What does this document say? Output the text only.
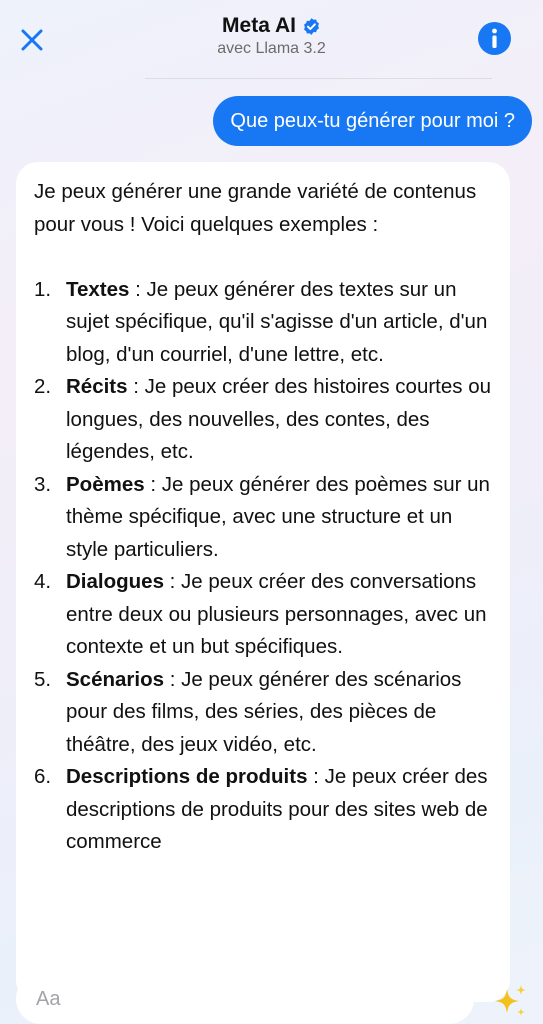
Meta AI
avec Llama 3.2
Que peux-tu générer pour moi ?

Je peux générer une grande variété de contenus pour vous ! Voici quelques exemples :

1. Textes : Je peux générer des textes sur un sujet spécifique, qu'il s'agisse d'un article, d'un blog, d'un courriel, d'une lettre, etc.
2. Récits : Je peux créer des histoires courtes ou longues, des nouvelles, des contes, des légendes, etc.
3. Poèmes : Je peux générer des poèmes sur un thème spécifique, avec une structure et un style particuliers.
4. Dialogues : Je peux créer des conversations entre deux ou plusieurs personnages, avec un contexte et un but spécifiques.
5. Scénarios : Je peux générer des scénarios pour des films, des séries, des pièces de théâtre, des jeux vidéo, etc.
6. Descriptions de produits : Je peux créer des descriptions de produits pour des sites web de commerce
Aa
